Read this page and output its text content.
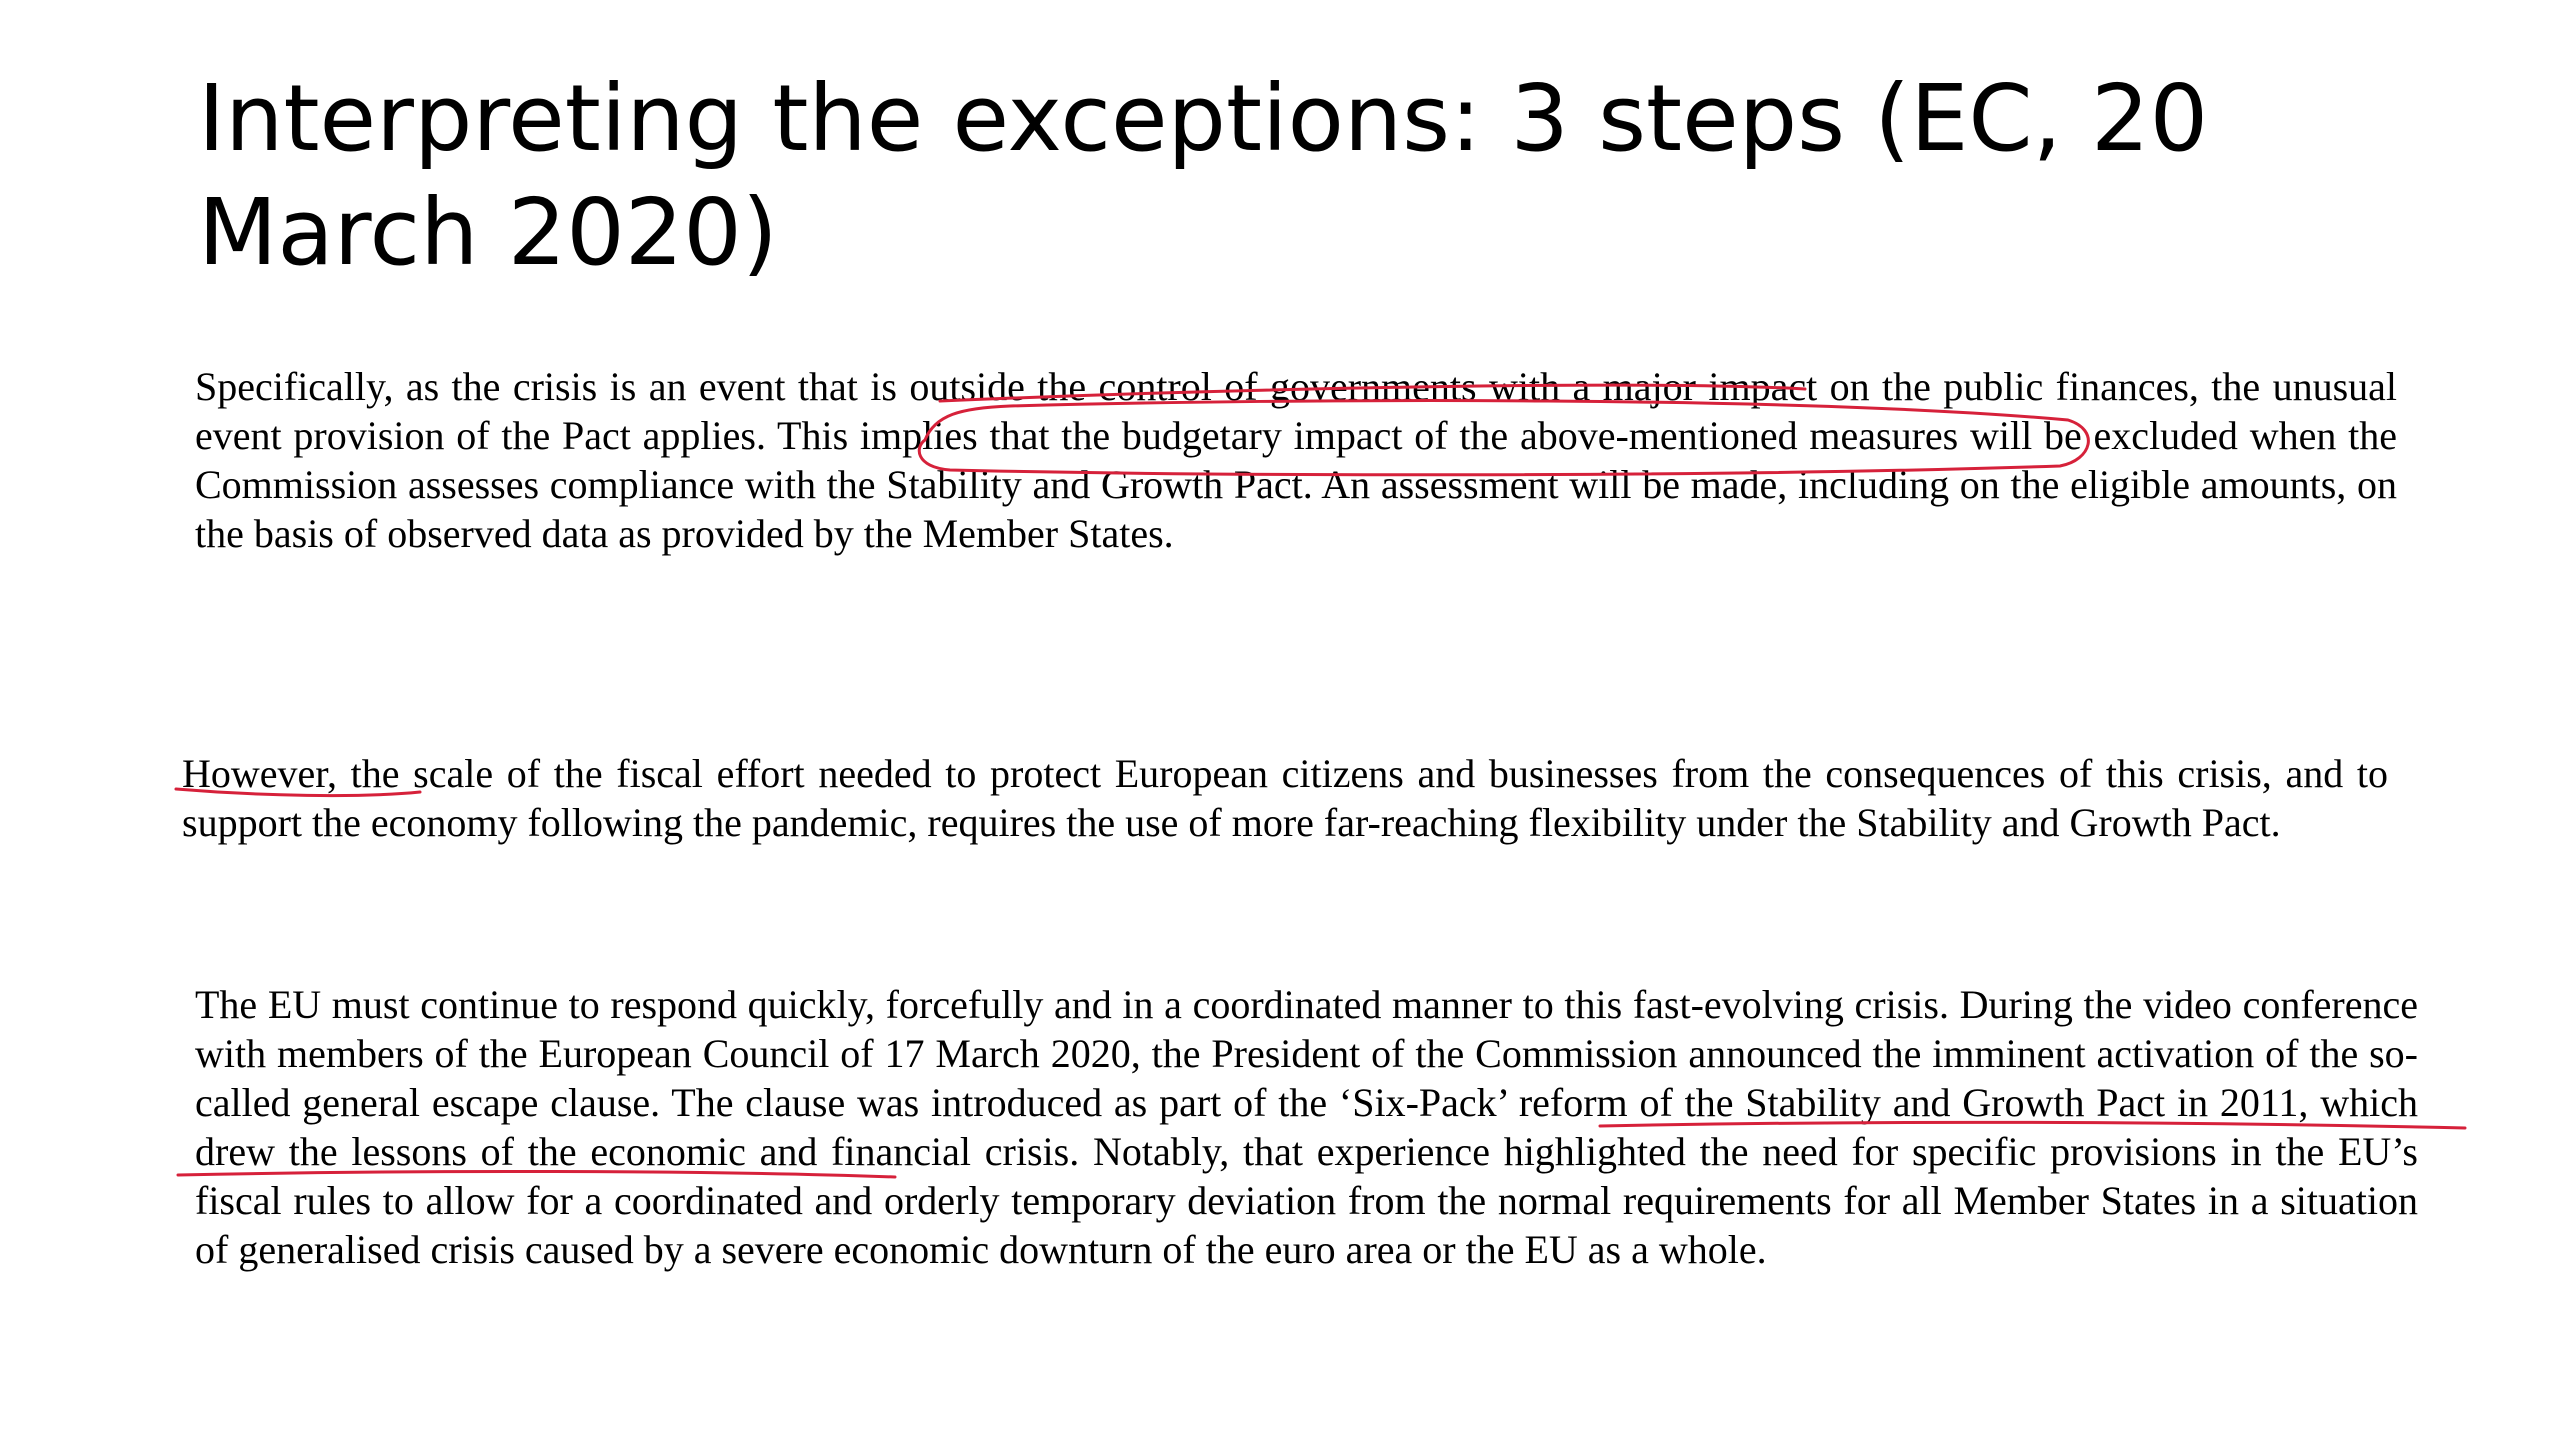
Interpreting the exceptions: 3 steps (EC, 20 March 2020)

Specifically, as the crisis is an event that is outside the control of governments with a major impact on the public finances, the unusual event provision of the Pact applies. This implies that the budgetary impact of the above-mentioned measures will be excluded when the Commission assesses compliance with the Stability and Growth Pact. An assessment will be made, including on the eligible amounts, on the basis of observed data as provided by the Member States.

However, the scale of the fiscal effort needed to protect European citizens and businesses from the consequences of this crisis, and to support the economy following the pandemic, requires the use of more far-reaching flexibility under the Stability and Growth Pact.

The EU must continue to respond quickly, forcefully and in a coordinated manner to this fast-evolving crisis. During the video conference with members of the European Council of 17 March 2020, the President of the Commission announced the imminent activation of the so-called general escape clause. The clause was introduced as part of the ‘Six-Pack’ reform of the Stability and Growth Pact in 2011, which drew the lessons of the economic and financial crisis. Notably, that experience highlighted the need for specific provisions in the EU’s fiscal rules to allow for a coordinated and orderly temporary deviation from the normal requirements for all Member States in a situation of generalised crisis caused by a severe economic downturn of the euro area or the EU as a whole.
